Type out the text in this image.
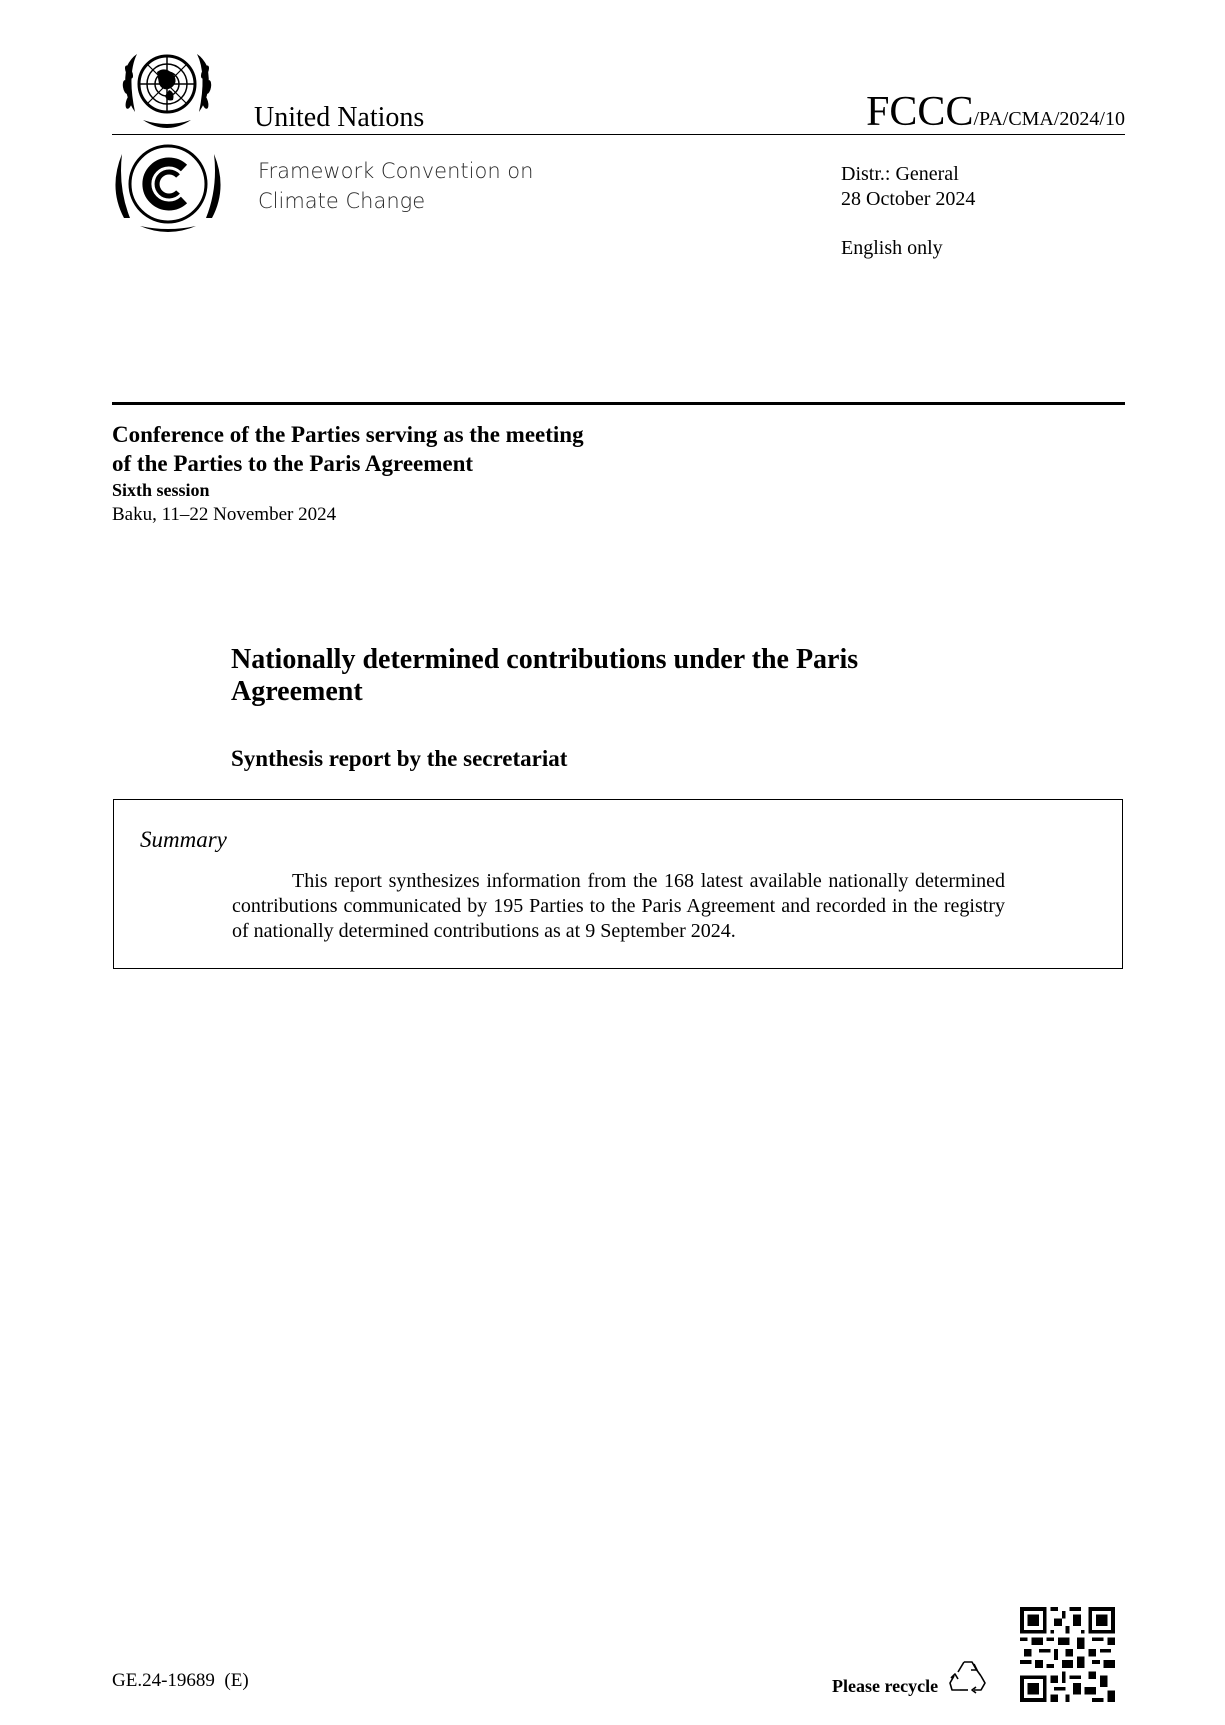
United Nations	FCCC/PA/CMA/2024/10
Framework Convention on
Climate Change
Distr.: General
28 October 2024
English only
Conference of the Parties serving as the meeting
of the Parties to the Paris Agreement
Sixth session
Baku, 11–22 November 2024
Nationally determined contributions under the Paris Agreement
Synthesis report by the secretariat
Summary
This report synthesizes information from the 168 latest available nationally determined contributions communicated by 195 Parties to the Paris Agreement and recorded in the registry of nationally determined contributions as at 9 September 2024.
GE.24-19689  (E)	Please recycle
